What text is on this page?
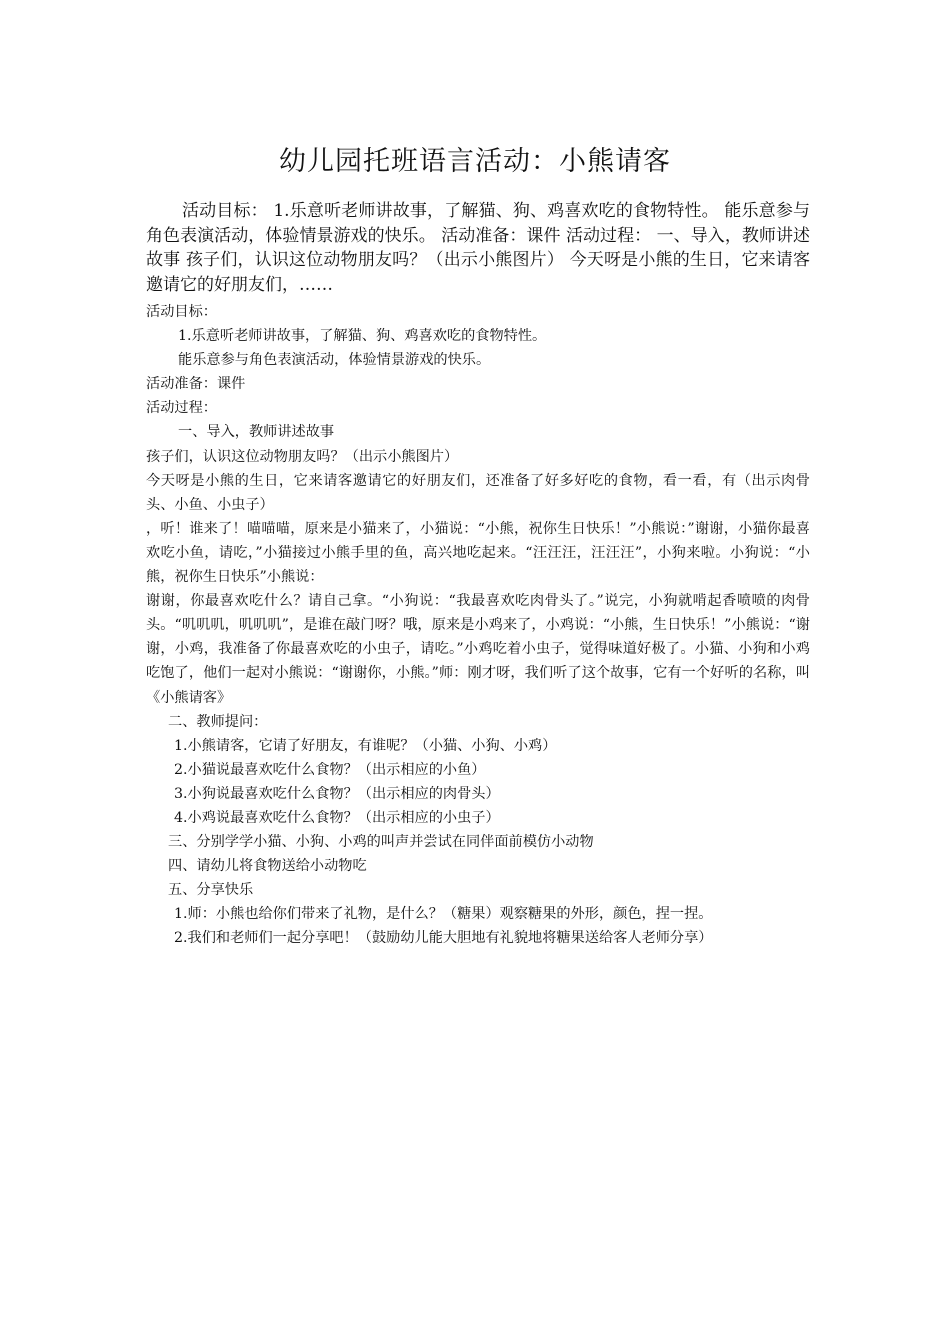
幼儿园托班语言活动：小熊请客

活动目标： 1.乐意听老师讲故事，了解猫、狗、鸡喜欢吃的食物特性。 能乐意参与角色表演活动，体验情景游戏的快乐。 活动准备：课件 活动过程： 一、导入，教师讲述故事 孩子们，认识这位动物朋友吗？（出示小熊图片） 今天呀是小熊的生日，它来请客邀请它的好朋友们，……

活动目标：

1.乐意听老师讲故事，了解猫、狗、鸡喜欢吃的食物特性。

能乐意参与角色表演活动，体验情景游戏的快乐。

活动准备：课件

活动过程：

一、导入，教师讲述故事

孩子们，认识这位动物朋友吗？（出示小熊图片）

今天呀是小熊的生日，它来请客邀请它的好朋友们，还准备了好多好吃的食物，看一看，有（出示肉骨头、小鱼、小虫子）

，听！谁来了！喵喵喵，原来是小猫来了，小猫说：“小熊，祝你生日快乐！”小熊说：”谢谢，小猫你最喜欢吃小鱼，请吃，”小猫接过小熊手里的鱼，高兴地吃起来。“汪汪汪，汪汪汪”，小狗来啦。小狗说：“小熊，祝你生日快乐”小熊说：

谢谢，你最喜欢吃什么？请自己拿。“小狗说：“我最喜欢吃肉骨头了。”说完，小狗就啃起香喷喷的肉骨头。“叽叽叽，叽叽叽”，是谁在敲门呀？哦，原来是小鸡来了，小鸡说：“小熊，生日快乐！”小熊说：“谢谢，小鸡，我准备了你最喜欢吃的小虫子，请吃。”小鸡吃着小虫子，觉得味道好极了。小猫、小狗和小鸡吃饱了，他们一起对小熊说：“谢谢你，小熊。”师：刚才呀，我们听了这个故事，它有一个好听的名称，叫《小熊请客》

二、教师提问：

1.小熊请客，它请了好朋友，有谁呢？（小猫、小狗、小鸡）

2.小猫说最喜欢吃什么食物？（出示相应的小鱼）

3.小狗说最喜欢吃什么食物？（出示相应的肉骨头）

4.小鸡说最喜欢吃什么食物？（出示相应的小虫子）

三、分别学学小猫、小狗、小鸡的叫声并尝试在同伴面前模仿小动物

四、请幼儿将食物送给小动物吃

五、分享快乐

1.师：小熊也给你们带来了礼物，是什么？（糖果）观察糖果的外形，颜色，捏一捏。

2.我们和老师们一起分享吧！（鼓励幼儿能大胆地有礼貌地将糖果送给客人老师分享）
